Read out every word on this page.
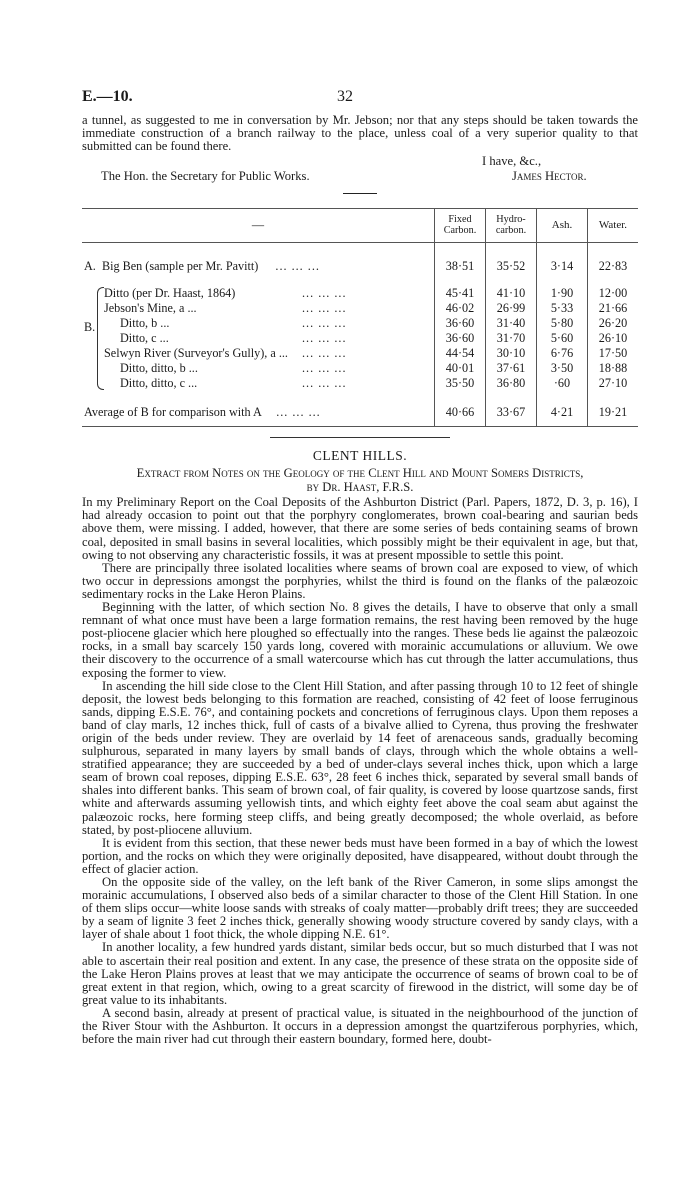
E.—10.	32

a tunnel, as suggested to me in conversation by Mr. Jebson; nor that any steps should be taken towards the immediate construction of a branch railway to the place, unless coal of a very superior quality to that submitted can be found there.

I have, &c.,
The Hon. the Secretary for Public Works.	James Hector.
—	Fixed Carbon.	Hydro-carbon.	Ash.	Water.

A. Big Ben (sample per Mr. Pavitt) ... ... ...	38·51	35·52	3·14	22·83

Ditto (per Dr. Haast, 1864) ... ... ...	45·41	41·10	1·90	12·00
Jebson's Mine, a ... ... ... ...	46·02	26·99	5·33	21·66

B. Ditto, b ... ... ... ...	36·60	31·40	5·80	26·20
Ditto, c ... ... ... ...	36·60	31·70	5·60	26·10
Selwyn River (Surveyor's Gully), a ... ... ... ...	44·54	30·10	6·76	17·50
Ditto, ditto, b ... ... ... ...	40·01	37·61	3·50	18·88
Ditto, ditto, c ... ... ... ...	35·50	36·80	·60	27·10

Average of B for comparison with A ... ... ...	40·66	33·67	4·21	19·21

CLENT HILLS.
Extract from Notes on the Geology of the Clent Hill and Mount Somers Districts,
by Dr. Haast, F.R.S.

In my Preliminary Report on the Coal Deposits of the Ashburton District (Parl. Papers, 1872, D. 3, p. 16), I had already occasion to point out that the porphyry conglomerates, brown coal-bearing and saurian beds above them, were missing. I added, however, that there are some series of beds containing seams of brown coal, deposited in small basins in several localities, which possibly might be their equivalent in age, but that, owing to not observing any characteristic fossils, it was at present mpossible to settle this point.

There are principally three isolated localities where seams of brown coal are exposed to view, of which two occur in depressions amongst the porphyries, whilst the third is found on the flanks of the palæozoic sedimentary rocks in the Lake Heron Plains.

Beginning with the latter, of which section No. 8 gives the details, I have to observe that only a small remnant of what once must have been a large formation remains, the rest having been removed by the huge post-pliocene glacier which here ploughed so effectually into the ranges. These beds lie against the palæozoic rocks, in a small bay scarcely 150 yards long, covered with morainic accumulations or alluvium. We owe their discovery to the occurrence of a small watercourse which has cut through the latter accumulations, thus exposing the former to view.

In ascending the hill side close to the Clent Hill Station, and after passing through 10 to 12 feet of shingle deposit, the lowest beds belonging to this formation are reached, consisting of 42 feet of loose ferruginous sands, dipping E.S.E. 76°, and containing pockets and concretions of ferruginous clays. Upon them reposes a band of clay marls, 12 inches thick, full of casts of a bivalve allied to Cyrena, thus proving the freshwater origin of the beds under review. They are overlaid by 14 feet of arenaceous sands, gradually becoming sulphurous, separated in many layers by small bands of clays, through which the whole obtains a well-stratified appearance; they are succeeded by a bed of under-clays several inches thick, upon which a large seam of brown coal reposes, dipping E.S.E. 63°, 28 feet 6 inches thick, separated by several small bands of shales into different banks. This seam of brown coal, of fair quality, is covered by loose quartzose sands, first white and afterwards assuming yellowish tints, and which eighty feet above the coal seam abut against the palæozoic rocks, here forming steep cliffs, and being greatly decomposed; the whole overlaid, as before stated, by post-pliocene alluvium.

It is evident from this section, that these newer beds must have been formed in a bay of which the lowest portion, and the rocks on which they were originally deposited, have disappeared, without doubt through the effect of glacier action.

On the opposite side of the valley, on the left bank of the River Cameron, in some slips amongst the morainic accumulations, I observed also beds of a similar character to those of the Clent Hill Station. In one of them slips occur—white loose sands with streaks of coaly matter—probably drift trees; they are succeeded by a seam of lignite 3 feet 2 inches thick, generally showing woody structure covered by sandy clays, with a layer of shale about 1 foot thick, the whole dipping N.E. 61°.

In another locality, a few hundred yards distant, similar beds occur, but so much disturbed that I was not able to ascertain their real position and extent. In any case, the presence of these strata on the opposite side of the Lake Heron Plains proves at least that we may anticipate the occurrence of seams of brown coal to be of great extent in that region, which, owing to a great scarcity of firewood in the district, will some day be of great value to its inhabitants.

A second basin, already at present of practical value, is situated in the neighbourhood of the junction of the River Stour with the Ashburton. It occurs in a depression amongst the quartziferous porphyries, which, before the main river had cut through their eastern boundary, formed here, doubt-
